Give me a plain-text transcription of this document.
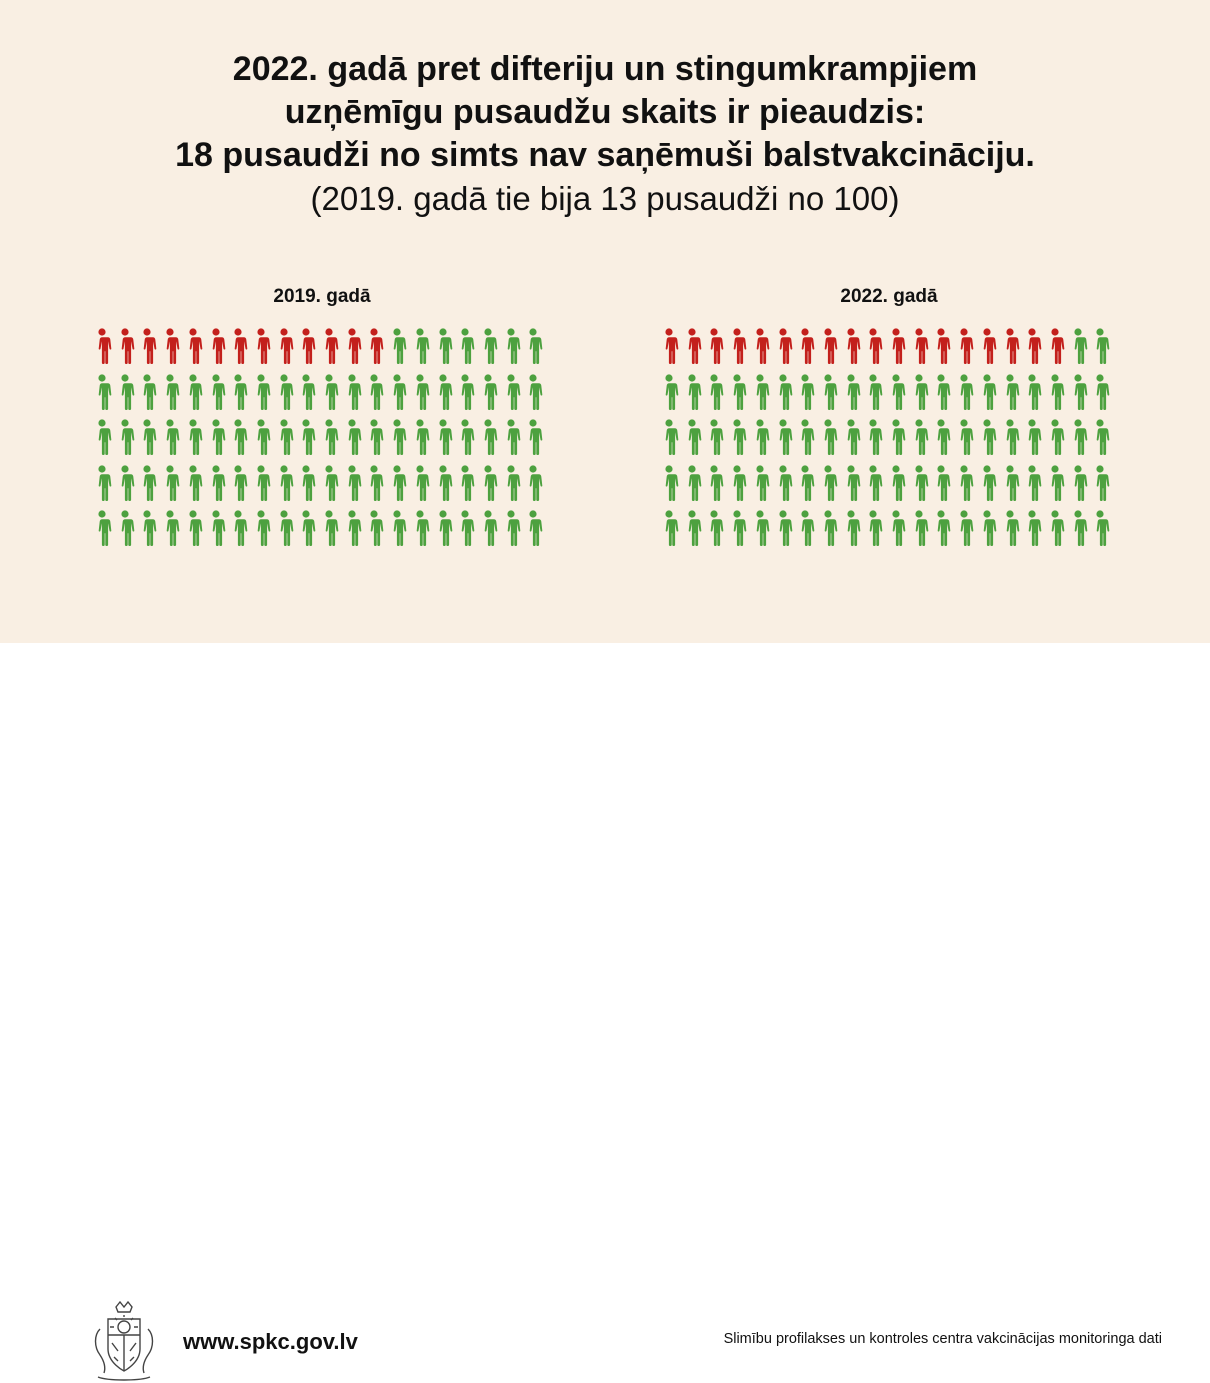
2022. gadā pret difteriju un stingumkrampjiem
uzņēmīgu pusaudžu skaits ir pieaudzis:
18 pusaudži no simts nav saņēmuši balstvakcināciju.
(2019. gadā tie bija 13 pusaudži no 100)
2019. gadā	2022. gadā
www.spkc.gov.lv	Slimību profilakses un kontroles centra vakcinācijas monitoringa dati
